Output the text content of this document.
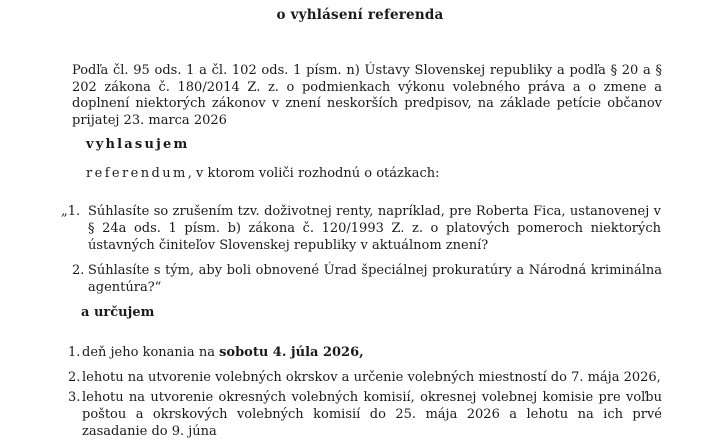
o vyhlásení referenda
Podľa čl. 95 ods. 1 a čl. 102 ods. 1 písm. n) Ústavy Slovenskej republiky a podľa § 20 a § 202 zákona č. 180/2014 Z. z. o podmienkach výkonu volebného práva a o zmene a doplnení niektorých zákonov v znení neskorších predpisov, na základe petície občanov prijatej 23. marca 2026
vyhlasujem
referendum, v ktorom voliči rozhodnú o otázkach:
„1. Súhlasíte so zrušením tzv. doživotnej renty, napríklad, pre Roberta Fica, ustanovenej v § 24a ods. 1 písm. b) zákona č. 120/1993 Z. z. o platových pomeroch niektorých ústavných činiteľov Slovenskej republiky v aktuálnom znení?
2. Súhlasíte s tým, aby boli obnovené Úrad špeciálnej prokuratúry a Národná kriminálna agentúra?“
a určujem
1. deň jeho konania na sobotu 4. júla 2026,
2. lehotu na utvorenie volebných okrskov a určenie volebných miestností do 7. mája 2026,
3. lehotu na utvorenie okresných volebných komisií, okresnej volebnej komisie pre voľbu poštou a okrskových volebných komisií do 25. mája 2026 a lehotu na ich prvé zasadanie do 9. júna
